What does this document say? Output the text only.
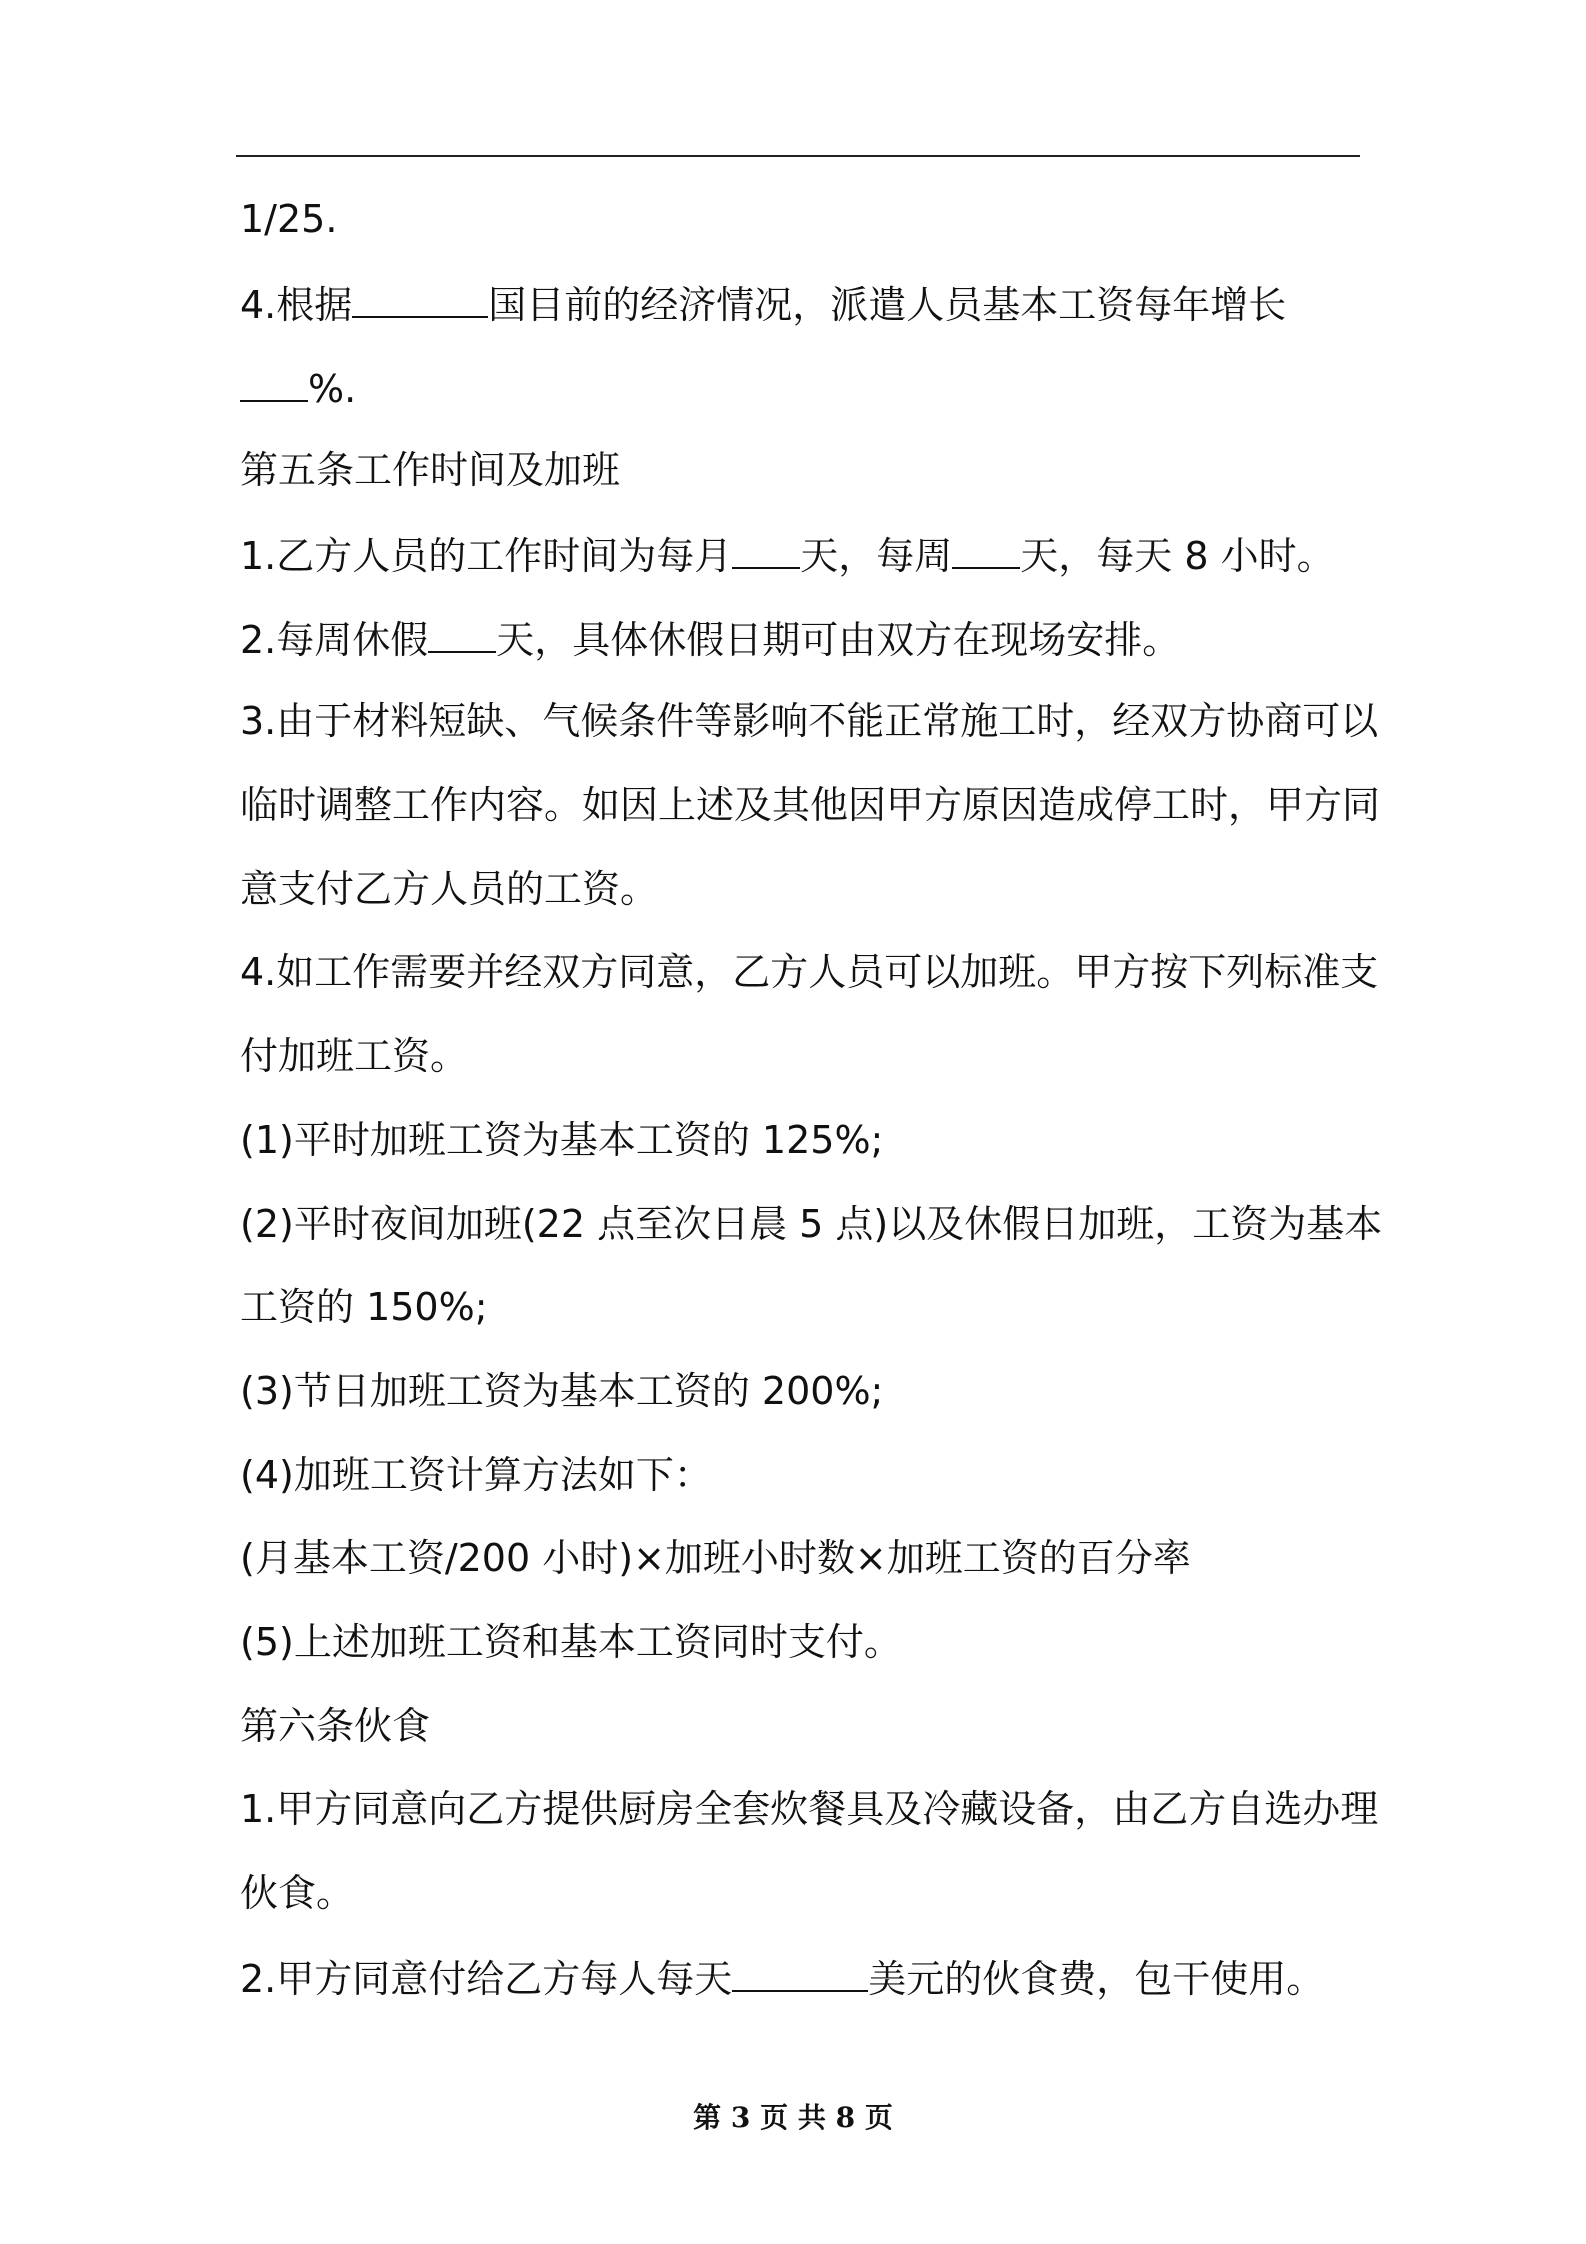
1/25.
4.根据	国目前的经济情况，派遣人员基本工资每年增长
%.
第五条工作时间及加班
1.乙方人员的工作时间为每月 天，每周 天，每天 8 小时。
2.每周休假 天，具体休假日期可由双方在现场安排。
3.由于材料短缺、气候条件等影响不能正常施工时，经双方协商可以
临时调整工作内容。如因上述及其他因甲方原因造成停工时，甲方同
意支付乙方人员的工资。
4.如工作需要并经双方同意，乙方人员可以加班。甲方按下列标准支
付加班工资。
(1)平时加班工资为基本工资的 125%;
(2)平时夜间加班(22 点至次日晨 5 点)以及休假日加班，工资为基本
工资的 150%;
(3)节日加班工资为基本工资的 200%;
(4)加班工资计算方法如下：
(月基本工资/200 小时)×加班小时数×加班工资的百分率
(5)上述加班工资和基本工资同时支付。
第六条伙食
1.甲方同意向乙方提供厨房全套炊餐具及冷藏设备，由乙方自选办理
伙食。
2.甲方同意付给乙方每人每天	美元的伙食费，包干使用。
第 3 页 共 8 页
